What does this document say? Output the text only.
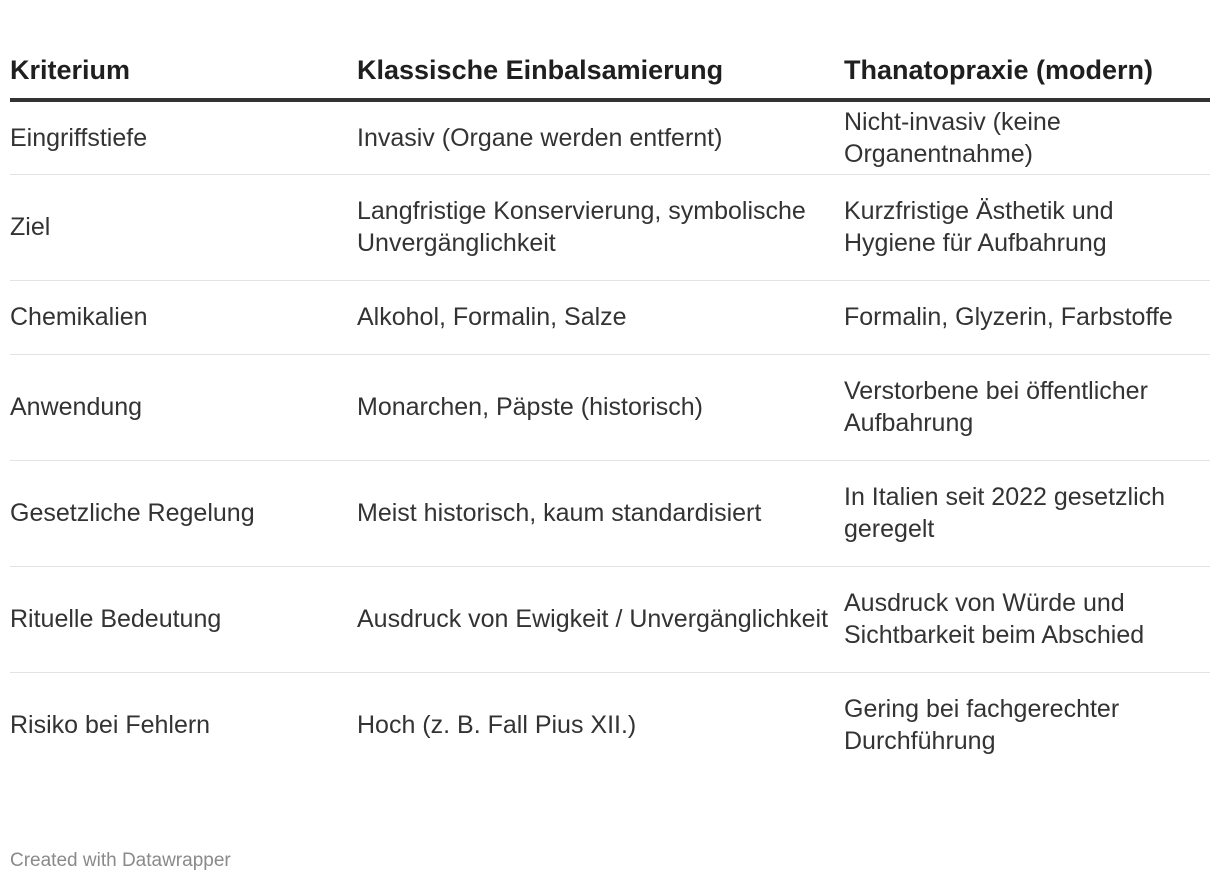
Kriterium	Klassische Einbalsamierung	Thanatopraxie (modern)

Eingriffstiefe	Invasiv (Organe werden entfernt)	Nicht-invasiv (keine Organentnahme)

Ziel	Langfristige Konservierung, symbolische Unvergänglichkeit	Kurzfristige Ästhetik und Hygiene für Aufbahrung

Chemikalien	Alkohol, Formalin, Salze	Formalin, Glyzerin, Farbstoffe

Anwendung	Monarchen, Päpste (historisch)	Verstorbene bei öffentlicher Aufbahrung

Gesetzliche Regelung	Meist historisch, kaum standardisiert	In Italien seit 2022 gesetzlich geregelt

Rituelle Bedeutung	Ausdruck von Ewigkeit / Unvergänglichkeit	Ausdruck von Würde und Sichtbarkeit beim Abschied

Risiko bei Fehlern	Hoch (z. B. Fall Pius XII.)	Gering bei fachgerechter Durchführung
Created with Datawrapper
